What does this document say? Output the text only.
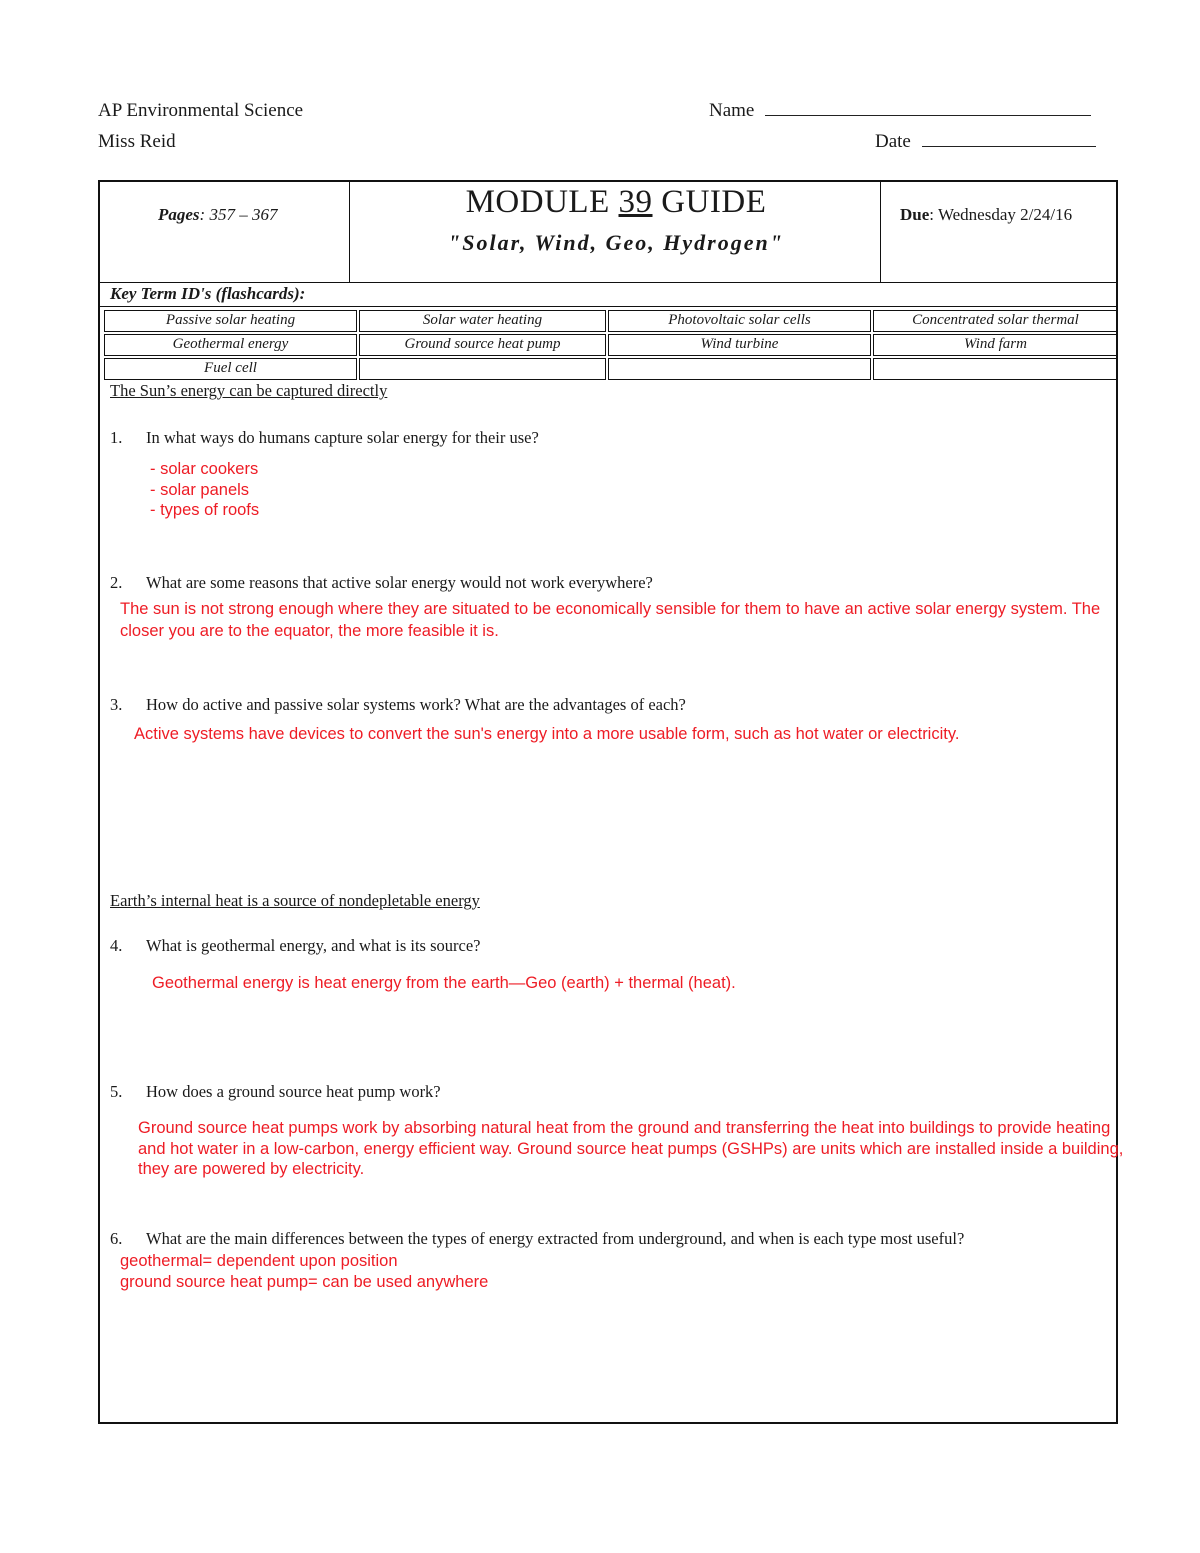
AP Environmental Science
Miss Reid
Name
Date
Pages: 357 – 367	MODULE 39 GUIDE
"Solar, Wind, Geo, Hydrogen"
Due: Wednesday 2/24/16
Key Term ID's (flashcards):
Passive solar heating	Solar water heating	Photovoltaic solar cells	Concentrated solar thermal
Geothermal energy	Ground source heat pump	Wind turbine	Wind farm
Fuel cell
The Sun’s energy can be captured directly
1. In what ways do humans capture solar energy for their use?
- solar cookers
- solar panels
- types of roofs
2. What are some reasons that active solar energy would not work everywhere?
The sun is not strong enough where they are situated to be economically sensible for them to have an active solar energy system. The
closer you are to the equator, the more feasible it is.
3. How do active and passive solar systems work? What are the advantages of each?
Active systems have devices to convert the sun's energy into a more usable form, such as hot water or electricity.
Earth’s internal heat is a source of nondepletable energy
4. What is geothermal energy, and what is its source?
Geothermal energy is heat energy from the earth—Geo (earth) + thermal (heat).
5. How does a ground source heat pump work?
Ground source heat pumps work by absorbing natural heat from the ground and transferring the heat into buildings to provide heating
and hot water in a low-carbon, energy efficient way. Ground source heat pumps (GSHPs) are units which are installed inside a building,
they are powered by electricity.
6. What are the main differences between the types of energy extracted from underground, and when is each type most useful?
geothermal= dependent upon position
ground source heat pump= can be used anywhere
